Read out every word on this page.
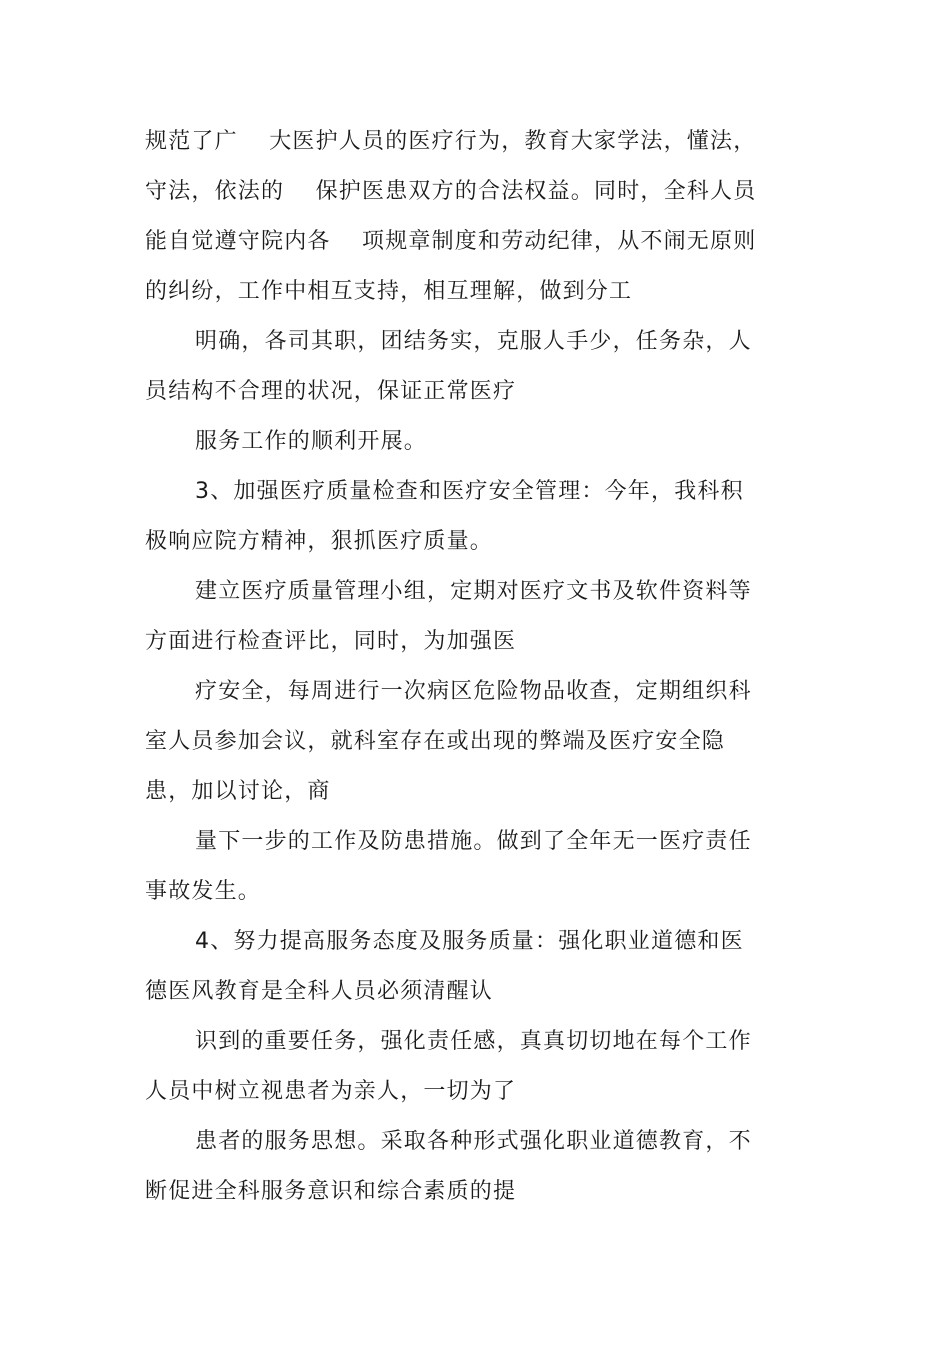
规范了广　 大医护人员的医疗行为，教育大家学法，懂法，
守法，依法的　 保护医患双方的合法权益。同时，全科人员
能自觉遵守院内各　 项规章制度和劳动纪律，从不闹无原则
的纠纷，工作中相互支持，相互理解，做到分工
明确，各司其职，团结务实，克服人手少，任务杂，人
员结构不合理的状况，保证正常医疗
服务工作的顺利开展。
3、加强医疗质量检查和医疗安全管理：今年，我科积
极响应院方精神，狠抓医疗质量。
建立医疗质量管理小组，定期对医疗文书及软件资料等
方面进行检查评比，同时，为加强医
疗安全，每周进行一次病区危险物品收查，定期组织科
室人员参加会议，就科室存在或出现的弊端及医疗安全隐
患，加以讨论，商
量下一步的工作及防患措施。做到了全年无一医疗责任
事故发生。
4、努力提高服务态度及服务质量：强化职业道德和医
德医风教育是全科人员必须清醒认
识到的重要任务，强化责任感，真真切切地在每个工作
人员中树立视患者为亲人，一切为了
患者的服务思想。采取各种形式强化职业道德教育，不
断促进全科服务意识和综合素质的提
